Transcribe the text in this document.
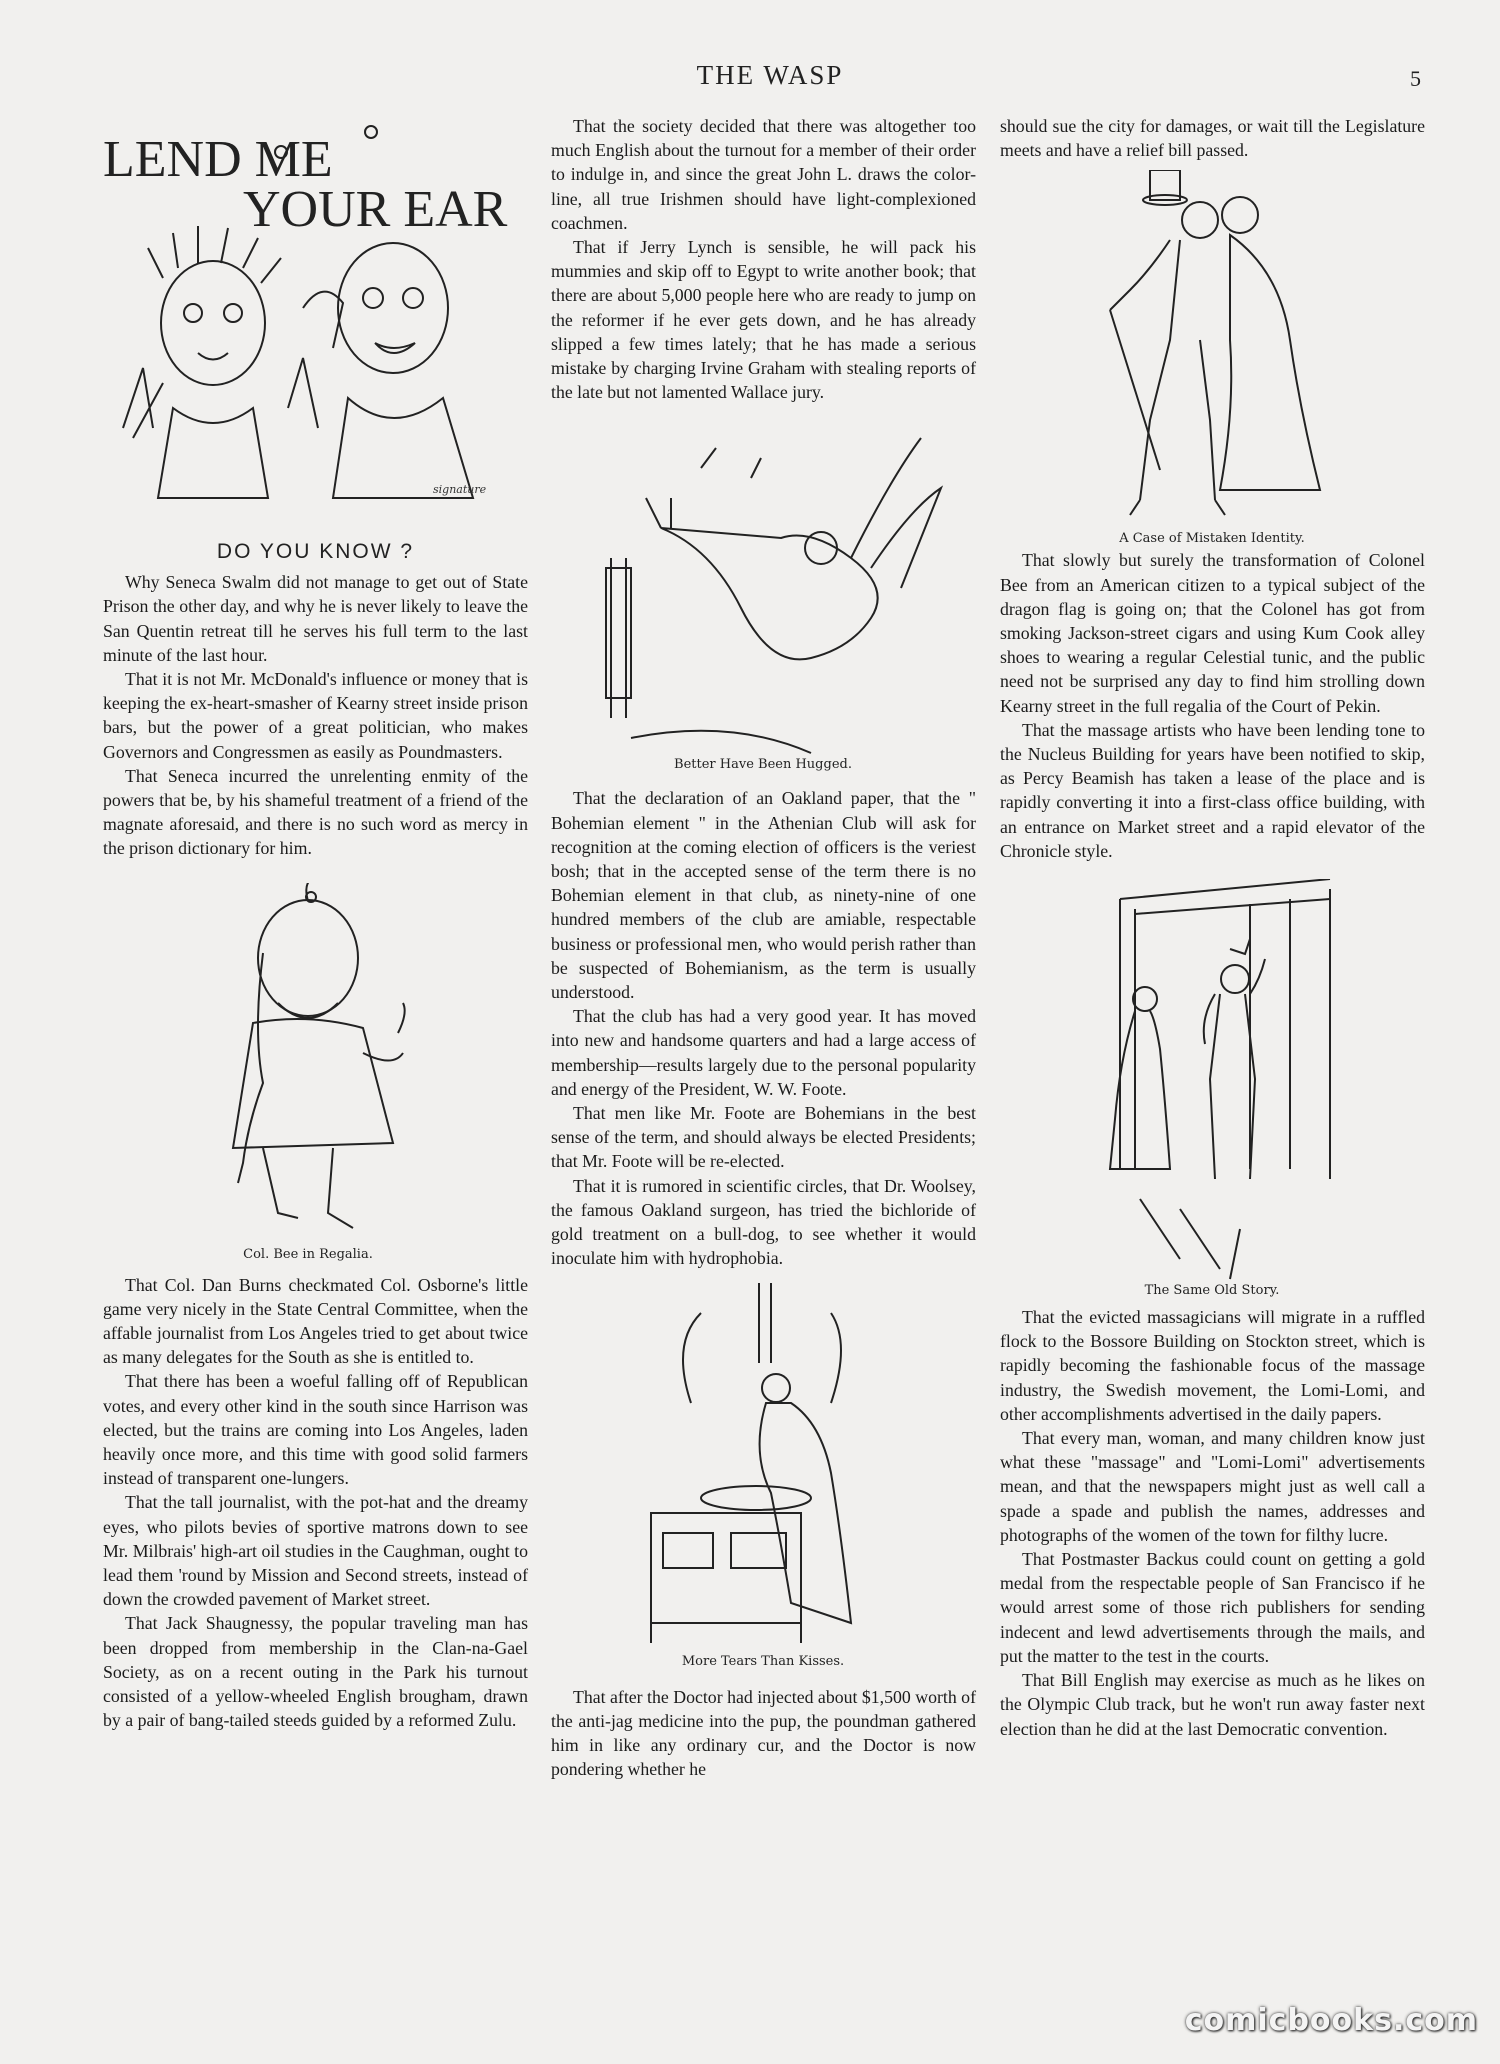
THE WASP	5
LEND ME
YOUR EAR
signature
DO YOU KNOW ?

Why Seneca Swalm did not manage to get out of State Prison the other day, and why he is never likely to leave the San Quentin retreat till he serves his full term to the last minute of the last hour.

That it is not Mr. McDonald's influence or money that is keeping the ex-heart-smasher of Kearny street inside prison bars, but the power of a great politician, who makes Governors and Congressmen as easily as Poundmasters.

That Seneca incurred the unrelenting enmity of the powers that be, by his shameful treatment of a friend of the magnate aforesaid, and there is no such word as mercy in the prison dictionary for him.

Col. Bee in Regalia.

That Col. Dan Burns checkmated Col. Osborne's little game very nicely in the State Central Committee, when the affable journalist from Los Angeles tried to get about twice as many delegates for the South as she is entitled to.

That there has been a woeful falling off of Republican votes, and every other kind in the south since Harrison was elected, but the trains are coming into Los Angeles, laden heavily once more, and this time with good solid farmers instead of transparent one-lungers.

That the tall journalist, with the pot-hat and the dreamy eyes, who pilots bevies of sportive matrons down to see Mr. Milbrais' high-art oil studies in the Caughman, ought to lead them 'round by Mission and Second streets, instead of down the crowded pavement of Market street.

That Jack Shaugnessy, the popular traveling man has been dropped from membership in the Clan-na-Gael Society, as on a recent outing in the Park his turnout consisted of a yellow-wheeled English brougham, drawn by a pair of bang-tailed steeds guided by a reformed Zulu.

That the society decided that there was altogether too much English about the turnout for a member of their order to indulge in, and since the great John L. draws the color-line, all true Irishmen should have light-complexioned coachmen.

That if Jerry Lynch is sensible, he will pack his mummies and skip off to Egypt to write another book; that there are about 5,000 people here who are ready to jump on the reformer if he ever gets down, and he has already slipped a few times lately; that he has made a serious mistake by charging Irvine Graham with stealing reports of the late but not lamented Wallace jury.

Better Have Been Hugged.

That the declaration of an Oakland paper, that the " Bohemian element " in the Athenian Club will ask for recognition at the coming election of officers is the veriest bosh; that in the accepted sense of the term there is no Bohemian element in that club, as ninety-nine of one hundred members of the club are amiable, respectable business or professional men, who would perish rather than be suspected of Bohemianism, as the term is usually understood.

That the club has had a very good year. It has moved into new and handsome quarters and had a large access of membership—results largely due to the personal popularity and energy of the President, W. W. Foote.

That men like Mr. Foote are Bohemians in the best sense of the term, and should always be elected Presidents; that Mr. Foote will be re-elected.

That it is rumored in scientific circles, that Dr. Woolsey, the famous Oakland surgeon, has tried the bichloride of gold treatment on a bull-dog, to see whether it would inoculate him with hydrophobia.

More Tears Than Kisses.

That after the Doctor had injected about $1,500 worth of the anti-jag medicine into the pup, the poundman gathered him in like any ordinary cur, and the Doctor is now pondering whether he

should sue the city for damages, or wait till the Legislature meets and have a relief bill passed.

A Case of Mistaken Identity.

That slowly but surely the transformation of Colonel Bee from an American citizen to a typical subject of the dragon flag is going on; that the Colonel has got from smoking Jackson-street cigars and using Kum Cook alley shoes to wearing a regular Celestial tunic, and the public need not be surprised any day to find him strolling down Kearny street in the full regalia of the Court of Pekin.

That the massage artists who have been lending tone to the Nucleus Building for years have been notified to skip, as Percy Beamish has taken a lease of the place and is rapidly converting it into a first-class office building, with an entrance on Market street and a rapid elevator of the Chronicle style.

The Same Old Story.

That the evicted massagicians will migrate in a ruffled flock to the Bossore Building on Stockton street, which is rapidly becoming the fashionable focus of the massage industry, the Swedish movement, the Lomi-Lomi, and other accomplishments advertised in the daily papers.

That every man, woman, and many children know just what these "massage" and "Lomi-Lomi" advertisements mean, and that the newspapers might just as well call a spade a spade and publish the names, addresses and photographs of the women of the town for filthy lucre.

That Postmaster Backus could count on getting a gold medal from the respectable people of San Francisco if he would arrest some of those rich publishers for sending indecent and lewd advertisements through the mails, and put the matter to the test in the courts.

That Bill English may exercise as much as he likes on the Olympic Club track, but he won't run away faster next election than he did at the last Democratic convention.

comicbooks.com
